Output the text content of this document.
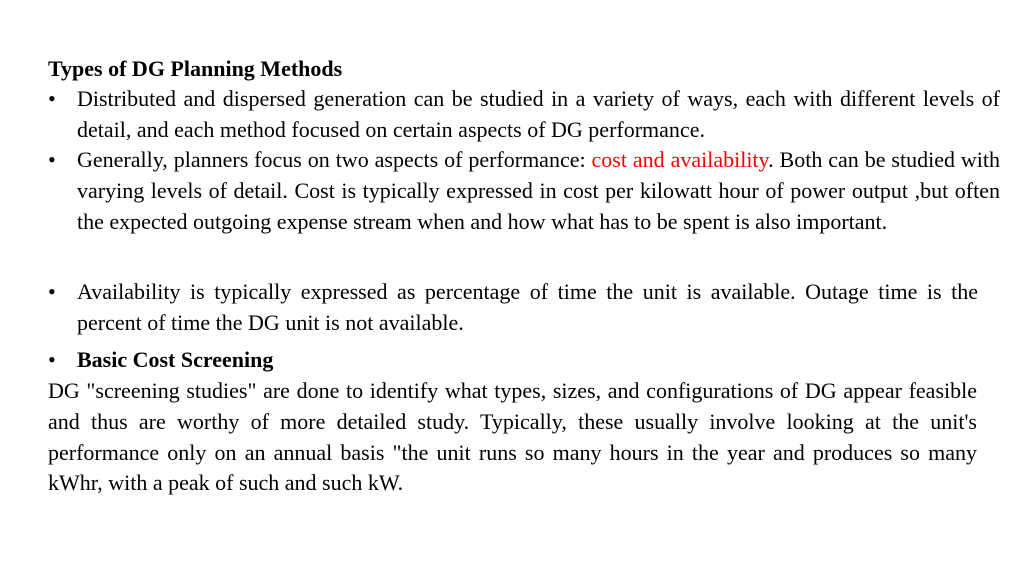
Types of DG Planning Methods
• Distributed and dispersed generation can be studied in a variety of ways, each with different levels of detail, and each method focused on certain aspects of DG performance.
• Generally, planners focus on two aspects of performance: cost and availability. Both can be studied with varying levels of detail. Cost is typically expressed in cost per kilowatt hour of power output ,but often the expected outgoing expense stream when and how what has to be spent is also important.
• Availability is typically expressed as percentage of time the unit is available. Outage time is the percent of time the DG unit is not available.
• Basic Cost Screening
DG "screening studies" are done to identify what types, sizes, and configurations of DG appear feasible and thus are worthy of more detailed study. Typically, these usually involve looking at the unit's performance only on an annual basis "the unit runs so many hours in the year and produces so many kWhr, with a peak of such and such kW.
